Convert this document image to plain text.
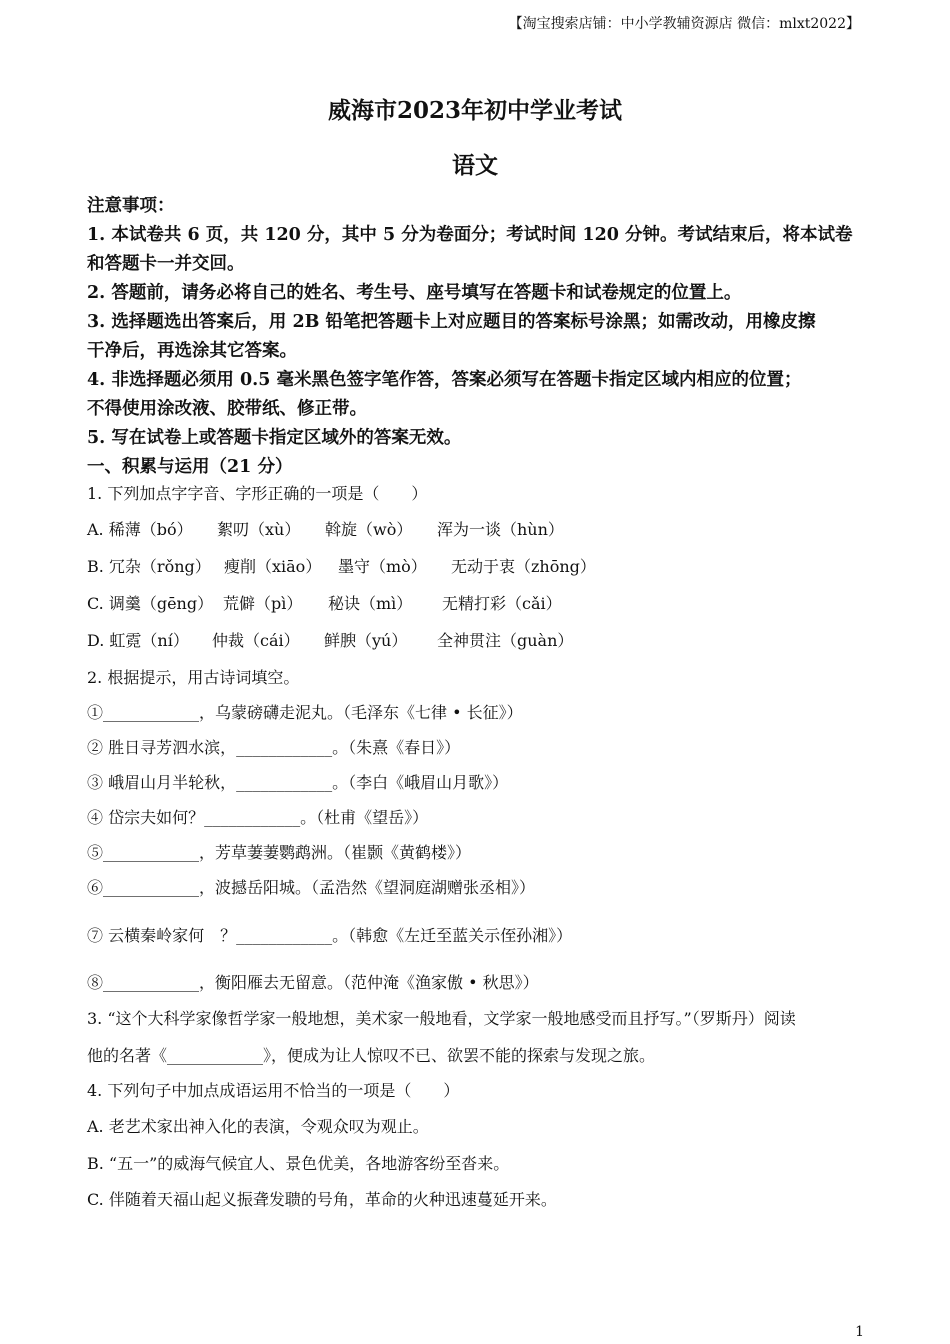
【淘宝搜索店铺：中小学教辅资源店 微信：mlxt2022】
威海市2023年初中学业考试
语文
注意事项：
1. 本试卷共 6 页，共 120 分，其中 5 分为卷面分；考试时间 120 分钟。考试结束后，将本试卷
和答题卡一并交回。
2. 答题前，请务必将自己的姓名、考生号、座号填写在答题卡和试卷规定的位置上。
3. 选择题选出答案后，用 2B 铅笔把答题卡上对应题目的答案标号涂黑；如需改动，用橡皮擦
干净后，再选涂其它答案。
4. 非选择题必须用 0.5 毫米黑色签字笔作答，答案必须写在答题卡指定区域内相应的位置；
不得使用涂改液、胶带纸、修正带。
5. 写在试卷上或答题卡指定区域外的答案无效。
一、积累与运用（21 分）
1. 下列加点字字音、字形正确的一项是（　　）
A. 稀薄（bó） 絮叨（xù） 斡旋（wò） 浑为一谈（hùn）
B. 冗杂（rǒng） 瘦削（xiāo） 墨守（mò） 无动于衷（zhōng）
C. 调羹（gēng） 荒僻（pì） 秘诀（mì） 无精打彩（cǎi）
D. 虹霓（ní） 仲裁（cái） 鲜腴（yú） 全神贯注（guàn）
2. 根据提示，用古诗词填空。
①____________，乌蒙磅礴走泥丸。（毛泽东《七律 • 长征》）
② 胜日寻芳泗水滨，____________。（朱熹《春日》）
③ 峨眉山月半轮秋，____________。（李白《峨眉山月歌》）
④ 岱宗夫如何？____________。（杜甫《望岳》）
⑤____________，芳草萋萋鹦鹉洲。（崔颢《黄鹤楼》）
⑥____________，波撼岳阳城。（孟浩然《望洞庭湖赠张丞相》）
⑦ 云横秦岭家何　？____________。（韩愈《左迁至蓝关示侄孙湘》）
⑧____________，衡阳雁去无留意。（范仲淹《渔家傲 • 秋思》）
3. “这个大科学家像哲学家一般地想，美术家一般地看，文学家一般地感受而且抒写。”（罗斯丹）阅读
他的名著《____________》，便成为让人惊叹不已、欲罢不能的探索与发现之旅。
4. 下列句子中加点成语运用不恰当的一项是（　　）
A. 老艺术家出神入化的表演，令观众叹为观止。
B. “五一”的威海气候宜人、景色优美，各地游客纷至沓来。
C. 伴随着天福山起义振聋发聩的号角，革命的火种迅速蔓延开来。
1
